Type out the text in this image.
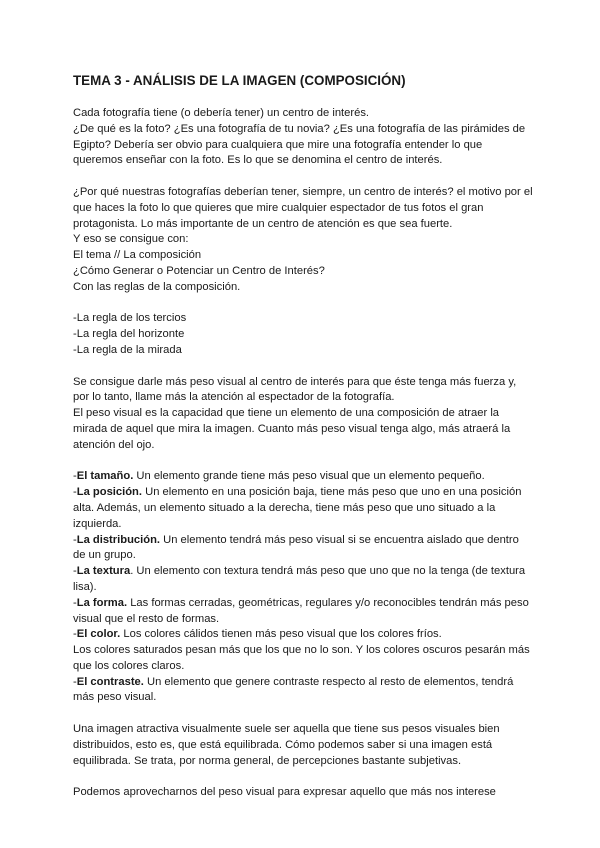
TEMA 3 - ANÁLISIS DE LA IMAGEN (COMPOSICIÓN)

Cada fotografía tiene (o debería tener) un centro de interés.

¿De qué es la foto? ¿Es una fotografía de tu novia? ¿Es una fotografía de las pirámides de Egipto? Debería ser obvio para cualquiera que mire una fotografía entender lo que queremos enseñar con la foto. Es lo que se denomina el centro de interés.

¿Por qué nuestras fotografías deberían tener, siempre, un centro de interés? el motivo por el que haces la foto lo que quieres que mire cualquier espectador de tus fotos el gran protagonista. Lo más importante de un centro de atención es que sea fuerte.

Y eso se consigue con:

El tema // La composición

¿Cómo Generar o Potenciar un Centro de Interés?

Con las reglas de la composición.

-La regla de los tercios

-La regla del horizonte

-La regla de la mirada

Se consigue darle más peso visual al centro de interés para que éste tenga más fuerza y, por lo tanto, llame más la atención al espectador de la fotografía.

El peso visual es la capacidad que tiene un elemento de una composición de atraer la mirada de aquel que mira la imagen. Cuanto más peso visual tenga algo, más atraerá la atención del ojo.

-El tamaño. Un elemento grande tiene más peso visual que un elemento pequeño.

-La posición. Un elemento en una posición baja, tiene más peso que uno en una posición alta. Además, un elemento situado a la derecha, tiene más peso que uno situado a la izquierda.

-La distribución. Un elemento tendrá más peso visual si se encuentra aislado que dentro de un grupo.

-La textura. Un elemento con textura tendrá más peso que uno que no la tenga (de textura lisa).

-La forma. Las formas cerradas, geométricas, regulares y/o reconocibles tendrán más peso visual que el resto de formas.

-El color. Los colores cálidos tienen más peso visual que los colores fríos.

Los colores saturados pesan más que los que no lo son. Y los colores oscuros pesarán más que los colores claros.

-El contraste. Un elemento que genere contraste respecto al resto de elementos, tendrá más peso visual.

Una imagen atractiva visualmente suele ser aquella que tiene sus pesos visuales bien distribuidos, esto es, que está equilibrada. Cómo podemos saber si una imagen está equilibrada. Se trata, por norma general, de percepciones bastante subjetivas.

Podemos aprovecharnos del peso visual para expresar aquello que más nos interese
